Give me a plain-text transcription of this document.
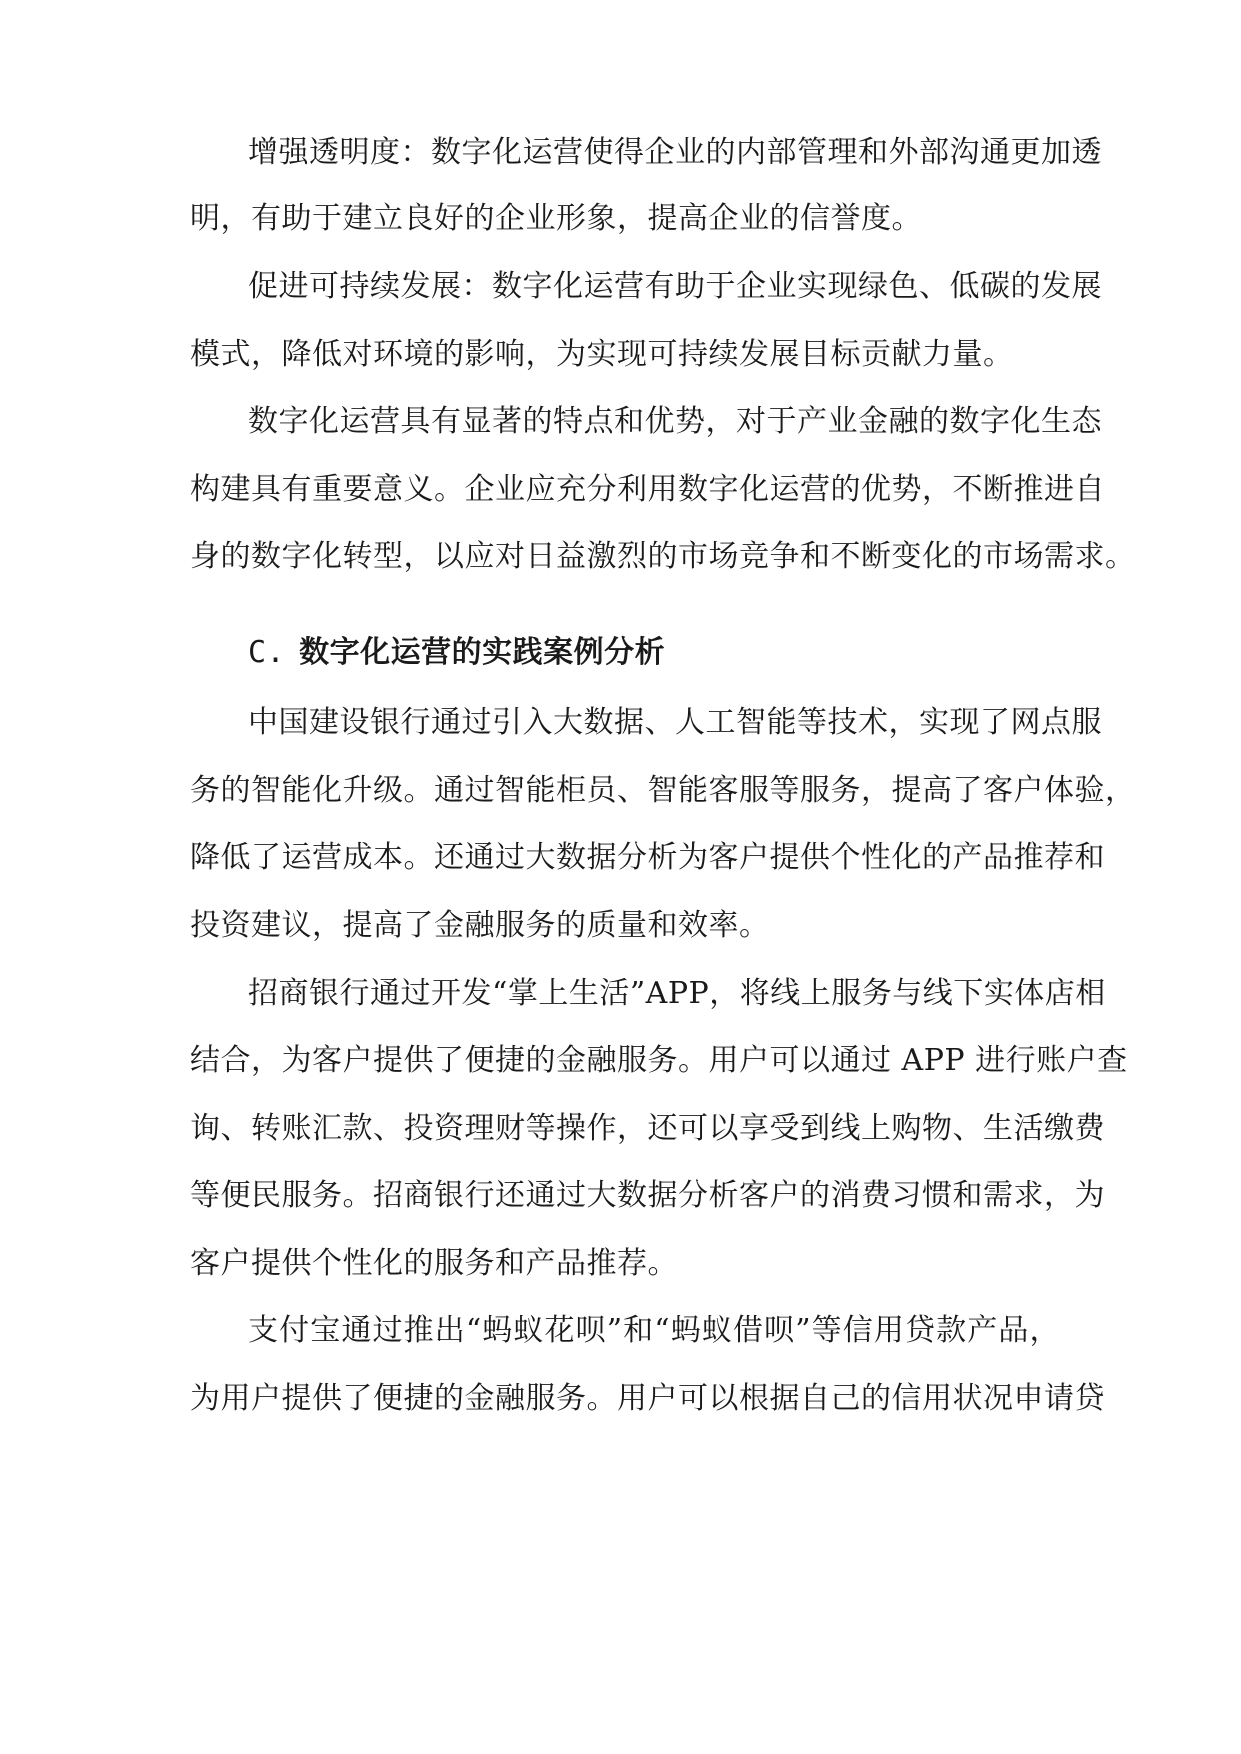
增强透明度：数字化运营使得企业的内部管理和外部沟通更加透
明，有助于建立良好的企业形象，提高企业的信誉度。
促进可持续发展：数字化运营有助于企业实现绿色、低碳的发展
模式，降低对环境的影响，为实现可持续发展目标贡献力量。
数字化运营具有显著的特点和优势，对于产业金融的数字化生态
构建具有重要意义。企业应充分利用数字化运营的优势，不断推进自
身的数字化转型，以应对日益激烈的市场竞争和不断变化的市场需求。
C. 数字化运营的实践案例分析
中国建设银行通过引入大数据、人工智能等技术，实现了网点服
务的智能化升级。通过智能柜员、智能客服等服务，提高了客户体验，
降低了运营成本。还通过大数据分析为客户提供个性化的产品推荐和
投资建议，提高了金融服务的质量和效率。
招商银行通过开发“掌上生活”APP，将线上服务与线下实体店相
结合，为客户提供了便捷的金融服务。用户可以通过 APP 进行账户查
询、转账汇款、投资理财等操作，还可以享受到线上购物、生活缴费
等便民服务。招商银行还通过大数据分析客户的消费习惯和需求，为
客户提供个性化的服务和产品推荐。
支付宝通过推出“蚂蚁花呗”和“蚂蚁借呗”等信用贷款产品，
为用户提供了便捷的金融服务。用户可以根据自己的信用状况申请贷
